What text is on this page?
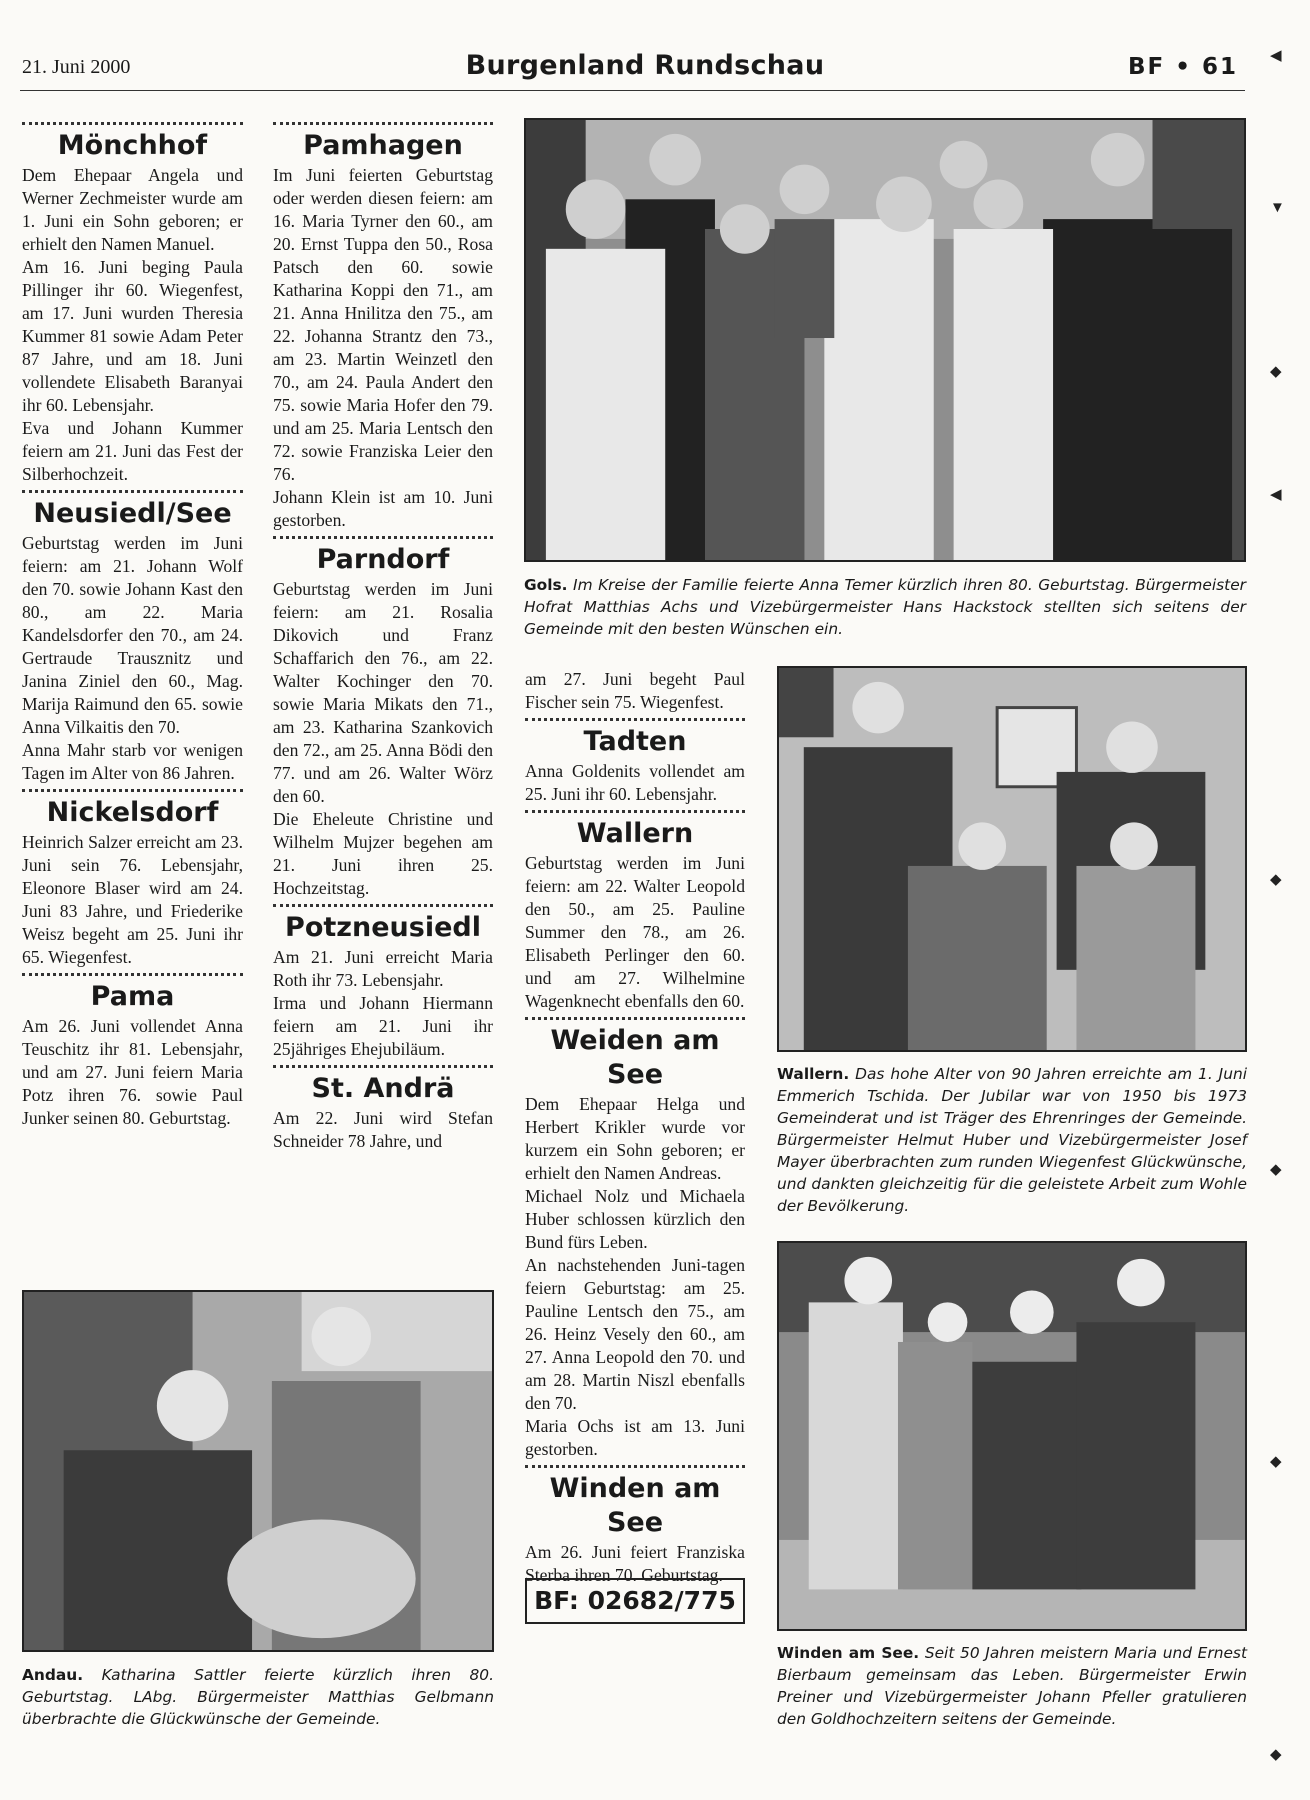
21. Juni 2000	Burgenland Rundschau	BF • 61
Mönchhof

Dem Ehepaar Angela und Werner Zechmeister wurde am 1. Juni ein Sohn geboren; er erhielt den Namen Manuel.

Am 16. Juni beging Paula Pillinger ihr 60. Wiegenfest, am 17. Juni wurden Theresia Kummer 81 sowie Adam Peter 87 Jahre, und am 18. Juni vollendete Elisabeth Baranyai ihr 60. Lebensjahr.

Eva und Johann Kummer feiern am 21. Juni das Fest der Silberhochzeit.

Neusiedl/See

Geburtstag werden im Juni feiern: am 21. Johann Wolf den 70. sowie Johann Kast den 80., am 22. Maria Kandelsdorfer den 70., am 24. Gertraude Trausznitz und Janina Ziniel den 60., Mag. Marija Raimund den 65. sowie Anna Vilkaitis den 70.

Anna Mahr starb vor wenigen Tagen im Alter von 86 Jahren.

Nickelsdorf

Heinrich Salzer erreicht am 23. Juni sein 76. Lebensjahr, Eleonore Blaser wird am 24. Juni 83 Jahre, und Friederike Weisz begeht am 25. Juni ihr 65. Wiegenfest.

Pama

Am 26. Juni vollendet Anna Teuschitz ihr 81. Lebensjahr, und am 27. Juni feiern Maria Potz ihren 76. sowie Paul Junker seinen 80. Geburtstag.

Pamhagen

Im Juni feierten Geburtstag oder werden diesen feiern: am 16. Maria Tyrner den 60., am 20. Ernst Tuppa den 50., Rosa Patsch den 60. sowie Katharina Koppi den 71., am 21. Anna Hnilitza den 75., am 22. Johanna Strantz den 73., am 23. Martin Weinzetl den 70., am 24. Paula Andert den 75. sowie Maria Hofer den 79. und am 25. Maria Lentsch den 72. sowie Franziska Leier den 76.

Johann Klein ist am 10. Juni gestorben.

Parndorf

Geburtstag werden im Juni feiern: am 21. Rosalia Dikovich und Franz Schaffarich den 76., am 22. Walter Kochinger den 70. sowie Maria Mikats den 71., am 23. Katharina Szankovich den 72., am 25. Anna Bödi den 77. und am 26. Walter Wörz den 60.

Die Eheleute Christine und Wilhelm Mujzer begehen am 21. Juni ihren 25. Hochzeitstag.

Potzneusiedl

Am 21. Juni erreicht Maria Roth ihr 73. Lebensjahr.

Irma und Johann Hiermann feiern am 21. Juni ihr 25jähriges Ehejubiläum.

St. Andrä

Am 22. Juni wird Stefan Schneider 78 Jahre, und

am 27. Juni begeht Paul Fischer sein 75. Wiegenfest.

Tadten

Anna Goldenits vollendet am 25. Juni ihr 60. Lebensjahr.

Wallern

Geburtstag werden im Juni feiern: am 22. Walter Leopold den 50., am 25. Pauline Summer den 78., am 26. Elisabeth Perlinger den 60. und am 27. Wilhelmine Wagenknecht ebenfalls den 60.

Weiden am See

Dem Ehepaar Helga und Herbert Krikler wurde vor kurzem ein Sohn geboren; er erhielt den Namen Andreas.

Michael Nolz und Michaela Huber schlossen kürzlich den Bund fürs Leben.

An nachstehenden Juni-tagen feiern Geburtstag: am 25. Pauline Lentsch den 75., am 26. Heinz Vesely den 60., am 27. Anna Leopold den 70. und am 28. Martin Niszl ebenfalls den 70.

Maria Ochs ist am 13. Juni gestorben.

Winden am See

Am 26. Juni feiert Franziska Sterba ihren 70. Geburtstag.

Gols. Im Kreise der Familie feierte Anna Temer kürzlich ihren 80. Geburtstag. Bürgermeister Hofrat Matthias Achs und Vizebürgermeister Hans Hackstock stellten sich seitens der Gemeinde mit den besten Wünschen ein.
Wallern. Das hohe Alter von 90 Jahren erreichte am 1. Juni Emmerich Tschida. Der Jubilar war von 1950 bis 1973 Gemeinderat und ist Träger des Ehrenringes der Gemeinde. Bürgermeister Helmut Huber und Vizebürgermeister Josef Mayer überbrachten zum runden Wiegenfest Glückwünsche, und dankten gleichzeitig für die geleistete Arbeit zum Wohle der Bevölkerung.
Andau. Katharina Sattler feierte kürzlich ihren 80. Geburtstag. LAbg. Bürgermeister Matthias Gelbmann überbrachte die Glückwünsche der Gemeinde.
Winden am See. Seit 50 Jahren meistern Maria und Ernest Bierbaum gemeinsam das Leben. Bürgermeister Erwin Preiner und Vizebürgermeister Johann Pfeller gratulieren den Goldhochzeitern seitens der Gemeinde.
BF: 02682/775
◀
▼
◆
◀
◆
◆
◆
◆
